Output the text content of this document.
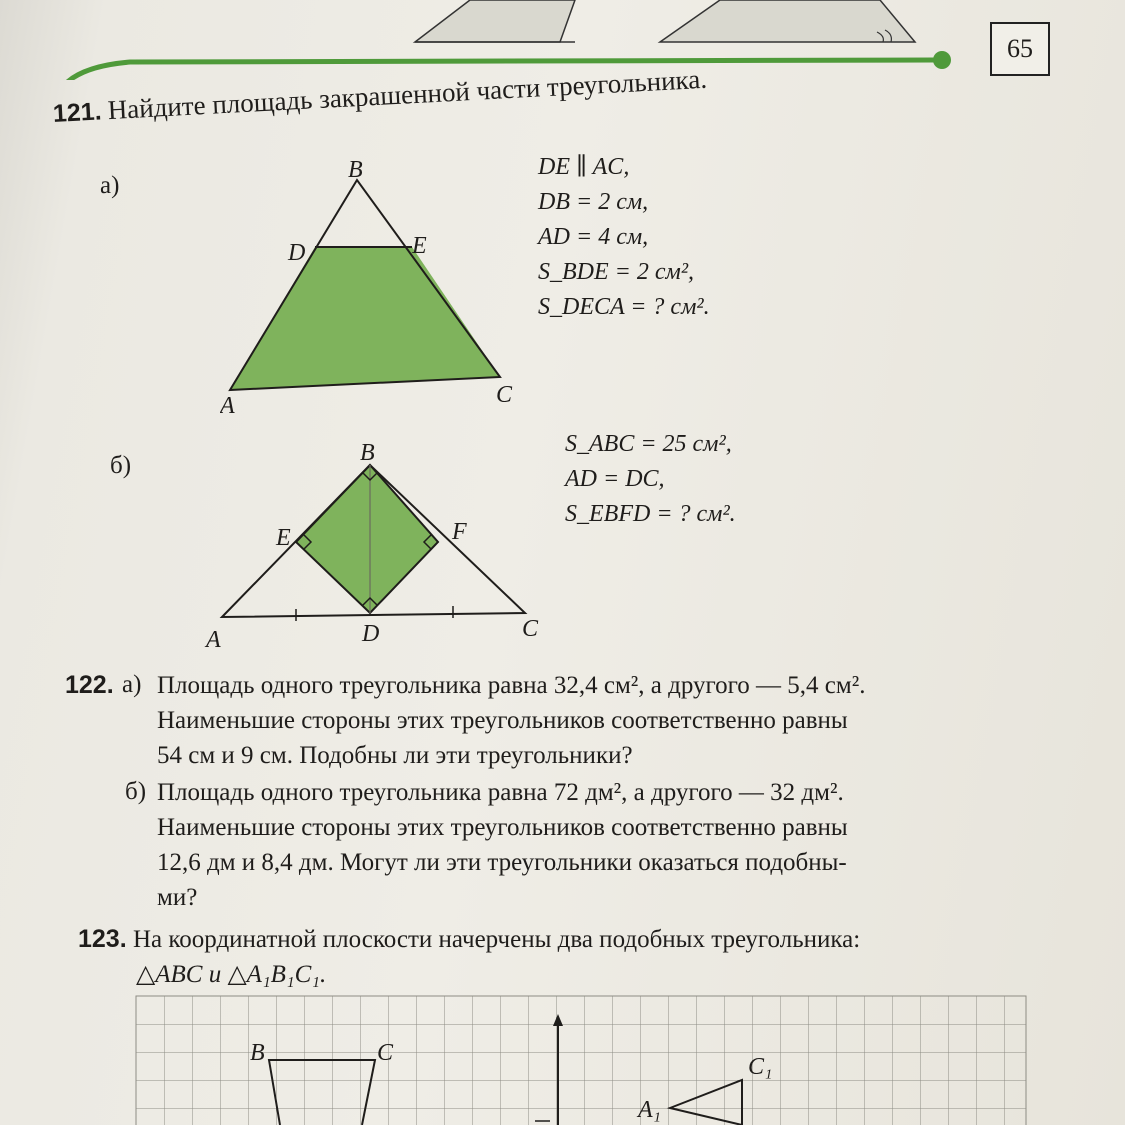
65
121. Найдите площадь закрашенной части треугольника.
а)
B
D	E
A	C
DE ∥ AC,
DB = 2 см,
AD = 4 см,
S_BDE = 2 см²,
S_DECA = ? см².
б)	B
E	F
A	D	C
S_ABC = 25 см²,
AD = DC,
S_EBFD = ? см².
122. а) Площадь одного треугольника равна 32,4 см², а другого — 5,4 см².
Наименьшие стороны этих треугольников соответственно равны
54 см и 9 см. Подобны ли эти треугольники?
б) Площадь одного треугольника равна 72 дм², а другого — 32 дм².
Наименьшие стороны этих треугольников соответственно равны
12,6 дм и 8,4 дм. Могут ли эти треугольники оказаться подобны-
ми?
123. На координатной плоскости начерчены два подобных треугольника:
△ABC и △A₁B₁C₁.
B	C
C₁
A₁
